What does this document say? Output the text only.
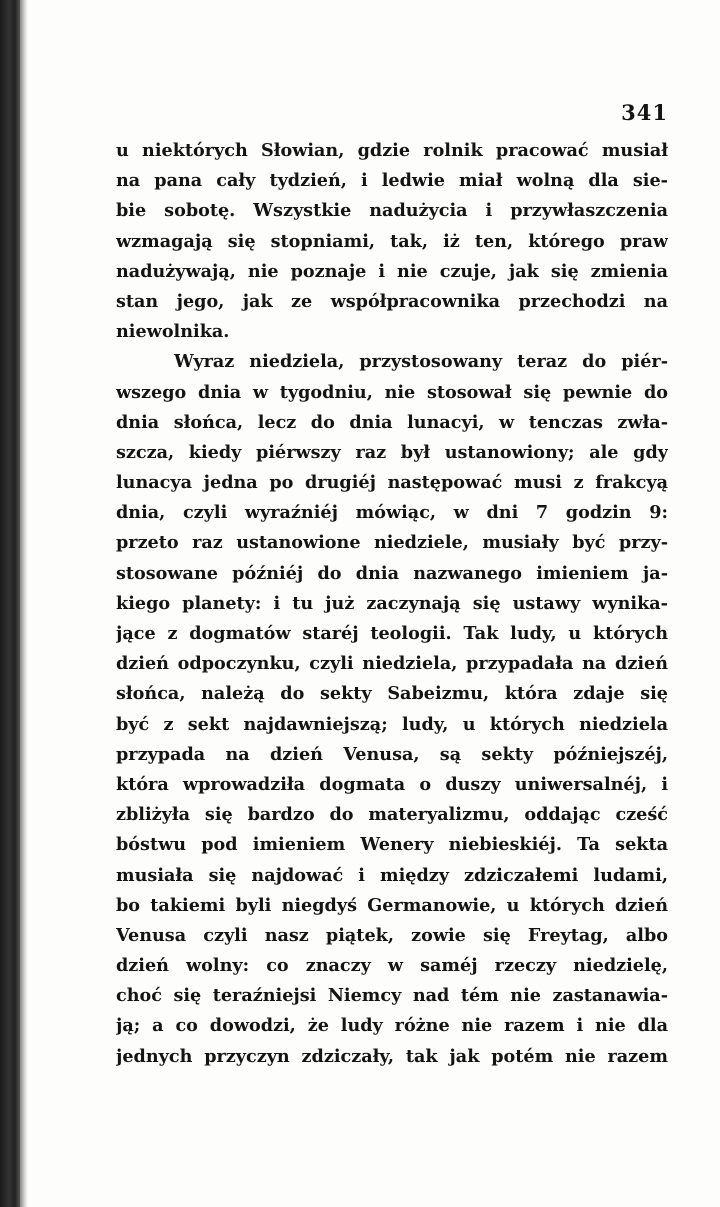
341
u niektórych Słowian, gdzie rolnik pracować musiał
na pana cały tydzień, i ledwie miał wolną dla sie-
bie sobotę. Wszystkie nadużycia i przywłaszczenia
wzmagają się stopniami, tak, iż ten, którego praw
nadużywają, nie poznaje i nie czuje, jak się zmienia
stan jego, jak ze współpracownika przechodzi na
niewolnika.
Wyraz niedziela, przystosowany teraz do piér-
wszego dnia w tygodniu, nie stosował się pewnie do
dnia słońca, lecz do dnia lunacyi, w tenczas zwła-
szcza, kiedy piérwszy raz był ustanowiony; ale gdy
lunacya jedna po drugiéj następować musi z frakcyą
dnia, czyli wyraźniéj mówiąc, w dni 7 godzin 9:
przeto raz ustanowione niedziele, musiały być przy-
stosowane późniéj do dnia nazwanego imieniem ja-
kiego planety: i tu już zaczynają się ustawy wynika-
jące z dogmatów staréj teologii. Tak ludy, u których
dzień odpoczynku, czyli niedziela, przypadała na dzień
słońca, należą do sekty Sabeizmu, która zdaje się
być z sekt najdawniejszą; ludy, u których niedziela
przypada na dzień Venusa, są sekty późniejszéj,
która wprowadziła dogmata o duszy uniwersalnéj, i
zbliżyła się bardzo do materyalizmu, oddając cześć
bóstwu pod imieniem Wenery niebieskiéj. Ta sekta
musiała się najdować i między zdziczałemi ludami,
bo takiemi byli niegdyś Germanowie, u których dzień
Venusa czyli nasz piątek, zowie się Freytag, albo
dzień wolny: co znaczy w saméj rzeczy niedzielę,
choć się teraźniejsi Niemcy nad tém nie zastanawia-
ją; a co dowodzi, że ludy różne nie razem i nie dla
jednych przyczyn zdziczały, tak jak potém nie razem
